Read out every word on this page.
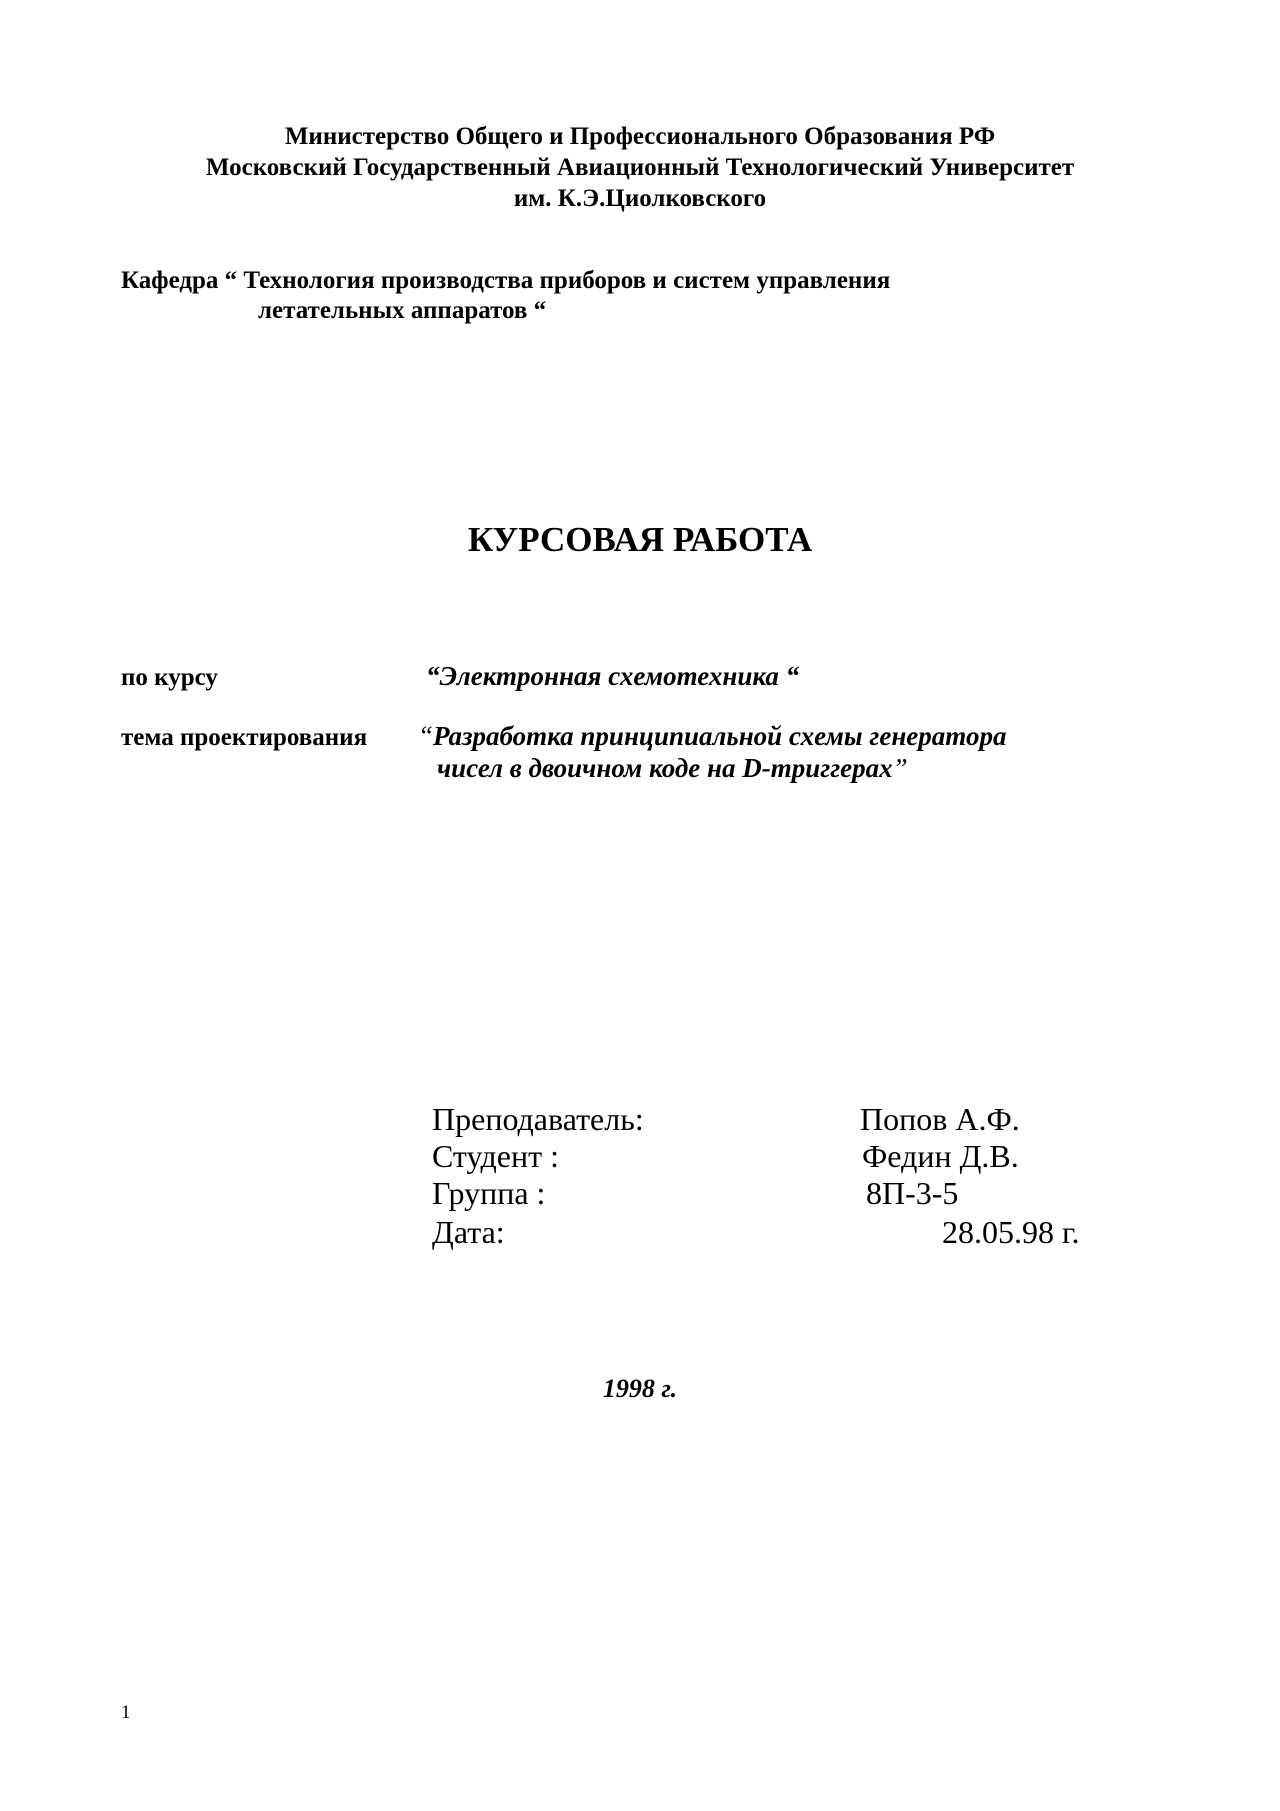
Министерство Общего и Профессионального Образования РФ
Московский Государственный Авиационный Технологический Университет
им. К.Э.Циолковского
Кафедра “ Технология производства приборов и систем управления
летательных аппаратов “
КУРСОВАЯ РАБОТА
по курсу	“Электронная схемотехника “
тема проектирования “Разработка принципиальной схемы генератора
чисел в двоичном коде на D-триггерах”
Преподаватель:	Попов А.Ф.
Студент :	Федин Д.В.
Группа :	8П-3-5
Дата:	28.05.98 г.
1998 г.
1
